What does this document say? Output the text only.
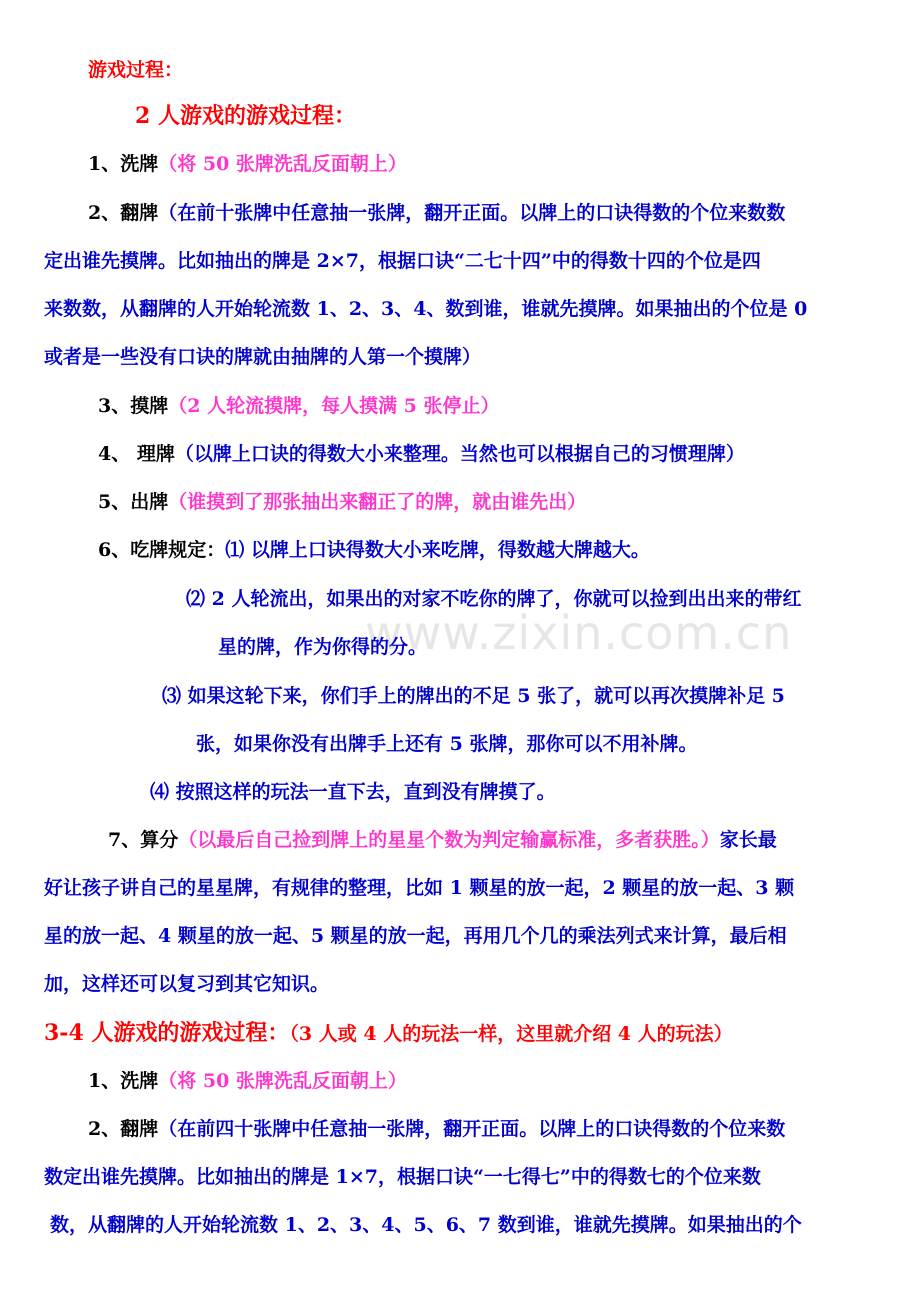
www.zixin.com.cn
游戏过程：
2 人游戏的游戏过程：
1、洗牌（将 50 张牌洗乱反面朝上）
2、翻牌（在前十张牌中任意抽一张牌，翻开正面。以牌上的口诀得数的个位来数数
定出谁先摸牌。比如抽出的牌是 2×7，根据口诀“二七十四”中的得数十四的个位是四
来数数，从翻牌的人开始轮流数 1、2、3、4、数到谁，谁就先摸牌。如果抽出的个位是 0
或者是一些没有口诀的牌就由抽牌的人第一个摸牌）
3、摸牌（2 人轮流摸牌，每人摸满 5 张停止）
4、 理牌（以牌上口诀的得数大小来整理。当然也可以根据自己的习惯理牌）
5、出牌（谁摸到了那张抽出来翻正了的牌，就由谁先出）
6、吃牌规定：⑴ 以牌上口诀得数大小来吃牌，得数越大牌越大。
⑵ 2 人轮流出，如果出的对家不吃你的牌了，你就可以捡到出出来的带红
星的牌，作为你得的分。
⑶ 如果这轮下来，你们手上的牌出的不足 5 张了，就可以再次摸牌补足 5
张，如果你没有出牌手上还有 5 张牌，那你可以不用补牌。
⑷ 按照这样的玩法一直下去，直到没有牌摸了。
7、算分（以最后自己捡到牌上的星星个数为判定输赢标准，多者获胜。）家长最
好让孩子讲自己的星星牌，有规律的整理，比如 1 颗星的放一起，2 颗星的放一起、3 颗
星的放一起、4 颗星的放一起、5 颗星的放一起，再用几个几的乘法列式来计算，最后相
加，这样还可以复习到其它知识。
3-4 人游戏的游戏过程：（3 人或 4 人的玩法一样，这里就介绍 4 人的玩法）
1、洗牌（将 50 张牌洗乱反面朝上）
2、翻牌（在前四十张牌中任意抽一张牌，翻开正面。以牌上的口诀得数的个位来数
数定出谁先摸牌。比如抽出的牌是 1×7，根据口诀“一七得七”中的得数七的个位来数
数，从翻牌的人开始轮流数 1、2、3、4、5、6、7 数到谁，谁就先摸牌。如果抽出的个
